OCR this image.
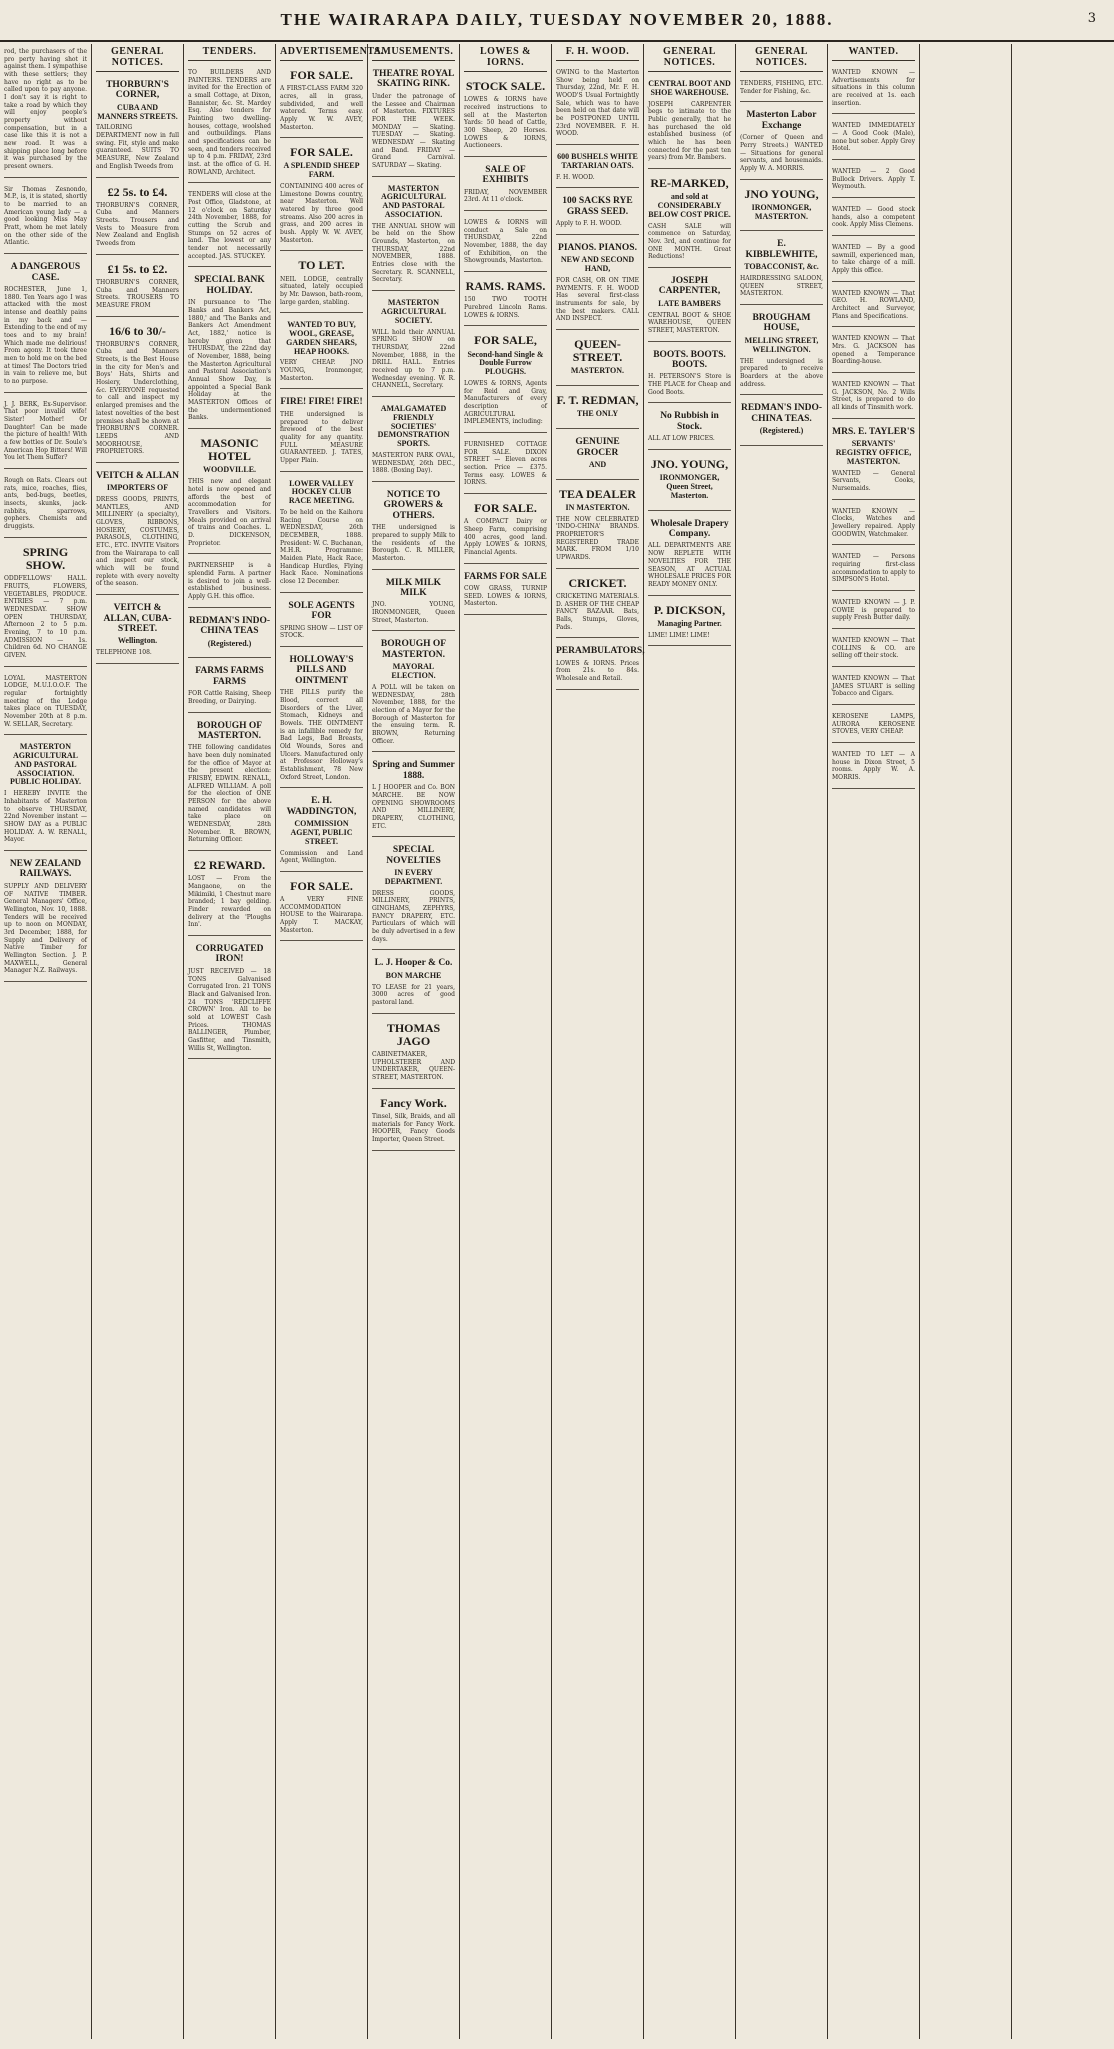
THE WAIRARAPA DAILY, TUESDAY NOVEMBER 20, 1888.	3
rod, the purchasers of the pro perty having shot it against them. I sympathise with these settlers; they have no right as to be called upon to pay anyone. I don't say it is right to take a road by which they will enjoy people's property without compensation, but in a case like this it is not a new road. It was a shipping place long before it was purchased by the present owners.
Sir Thomas Zesnondo, M.P., is, it is stated, shortly to be married to an American young lady — a good looking Miss May Pratt, whom he met lately on the other side of the Atlantic.
A DANGEROUS CASE.
ROCHESTER, June 1, 1880. Ten Years ago I was attacked with the most intense and deathly pains in my back and — Extending to the end of my toes and to my brain! Which made me delirious! From agony. It took three men to hold me on the bed at times! The Doctors tried in vain to relieve me, but to no purpose.
J. J. BERK, Ex-Supervisor. That poor invalid wife! Sister! Mother! Or Daughter! Can be made the picture of health! With a few bottles of Dr. Soule's American Hop Bitters! Will You let Them Suffer?
Rough on Rats. Clears out rats, mice, roaches, flies, ants, bed-bugs, beetles, insects, skunks, jack-rabbits, sparrows, gophers. Chemists and druggists.
SPRING SHOW.
ODDFELLOWS' HALL. FRUITS, FLOWERS, VEGETABLES, PRODUCE. ENTRIES — 7 p.m. WEDNESDAY. SHOW OPEN THURSDAY, Afternoon 2 to 5 p.m. Evening, 7 to 10 p.m. ADMISSION — 1s. Children 6d. NO CHANGE GIVEN.
LOYAL MASTERTON LODGE, M.U.I.O.O.F. The regular fortnightly meeting of the Lodge takes place on TUESDAY, November 20th at 8 p.m. W. SELLAR, Secretary.
MASTERTON AGRICULTURAL AND PASTORAL ASSOCIATION. PUBLIC HOLIDAY.
I HEREBY INVITE the Inhabitants of Masterton to observe THURSDAY, 22nd November instant — SHOW DAY as a PUBLIC HOLIDAY. A. W. RENALL, Mayor.
NEW ZEALAND RAILWAYS.
SUPPLY AND DELIVERY OF NATIVE TIMBER. General Managers' Office, Wellington, Nov. 10, 1888. Tenders will be received up to noon on MONDAY, 3rd December, 1888, for Supply and Delivery of Native Timber for Wellington Section. J. P. MAXWELL, General Manager N.Z. Railways.
GENERAL NOTICES.
THORBURN'S CORNER,
CUBA AND MANNERS STREETS.
TAILORING DEPARTMENT now in full swing. Fit, style and make guaranteed. SUITS TO MEASURE, New Zealand and English Tweeds from
£2 5s. to £4.
THORBURN'S CORNER, Cuba and Manners Streets. Trousers and Vests to Measure from New Zealand and English Tweeds from
£1 5s. to £2.
THORBURN'S CORNER, Cuba and Manners Streets. TROUSERS TO MEASURE FROM
16/6 to 30/-
THORBURN'S CORNER, Cuba and Manners Streets, is the Best House in the city for Men's and Boys' Hats, Shirts and Hosiery, Underclothing, &c. EVERYONE requested to call and inspect my enlarged premises and the latest novelties of the best premises shall be shown at THORBURN'S CORNER. LEEDS AND MOORHOUSE, PROPRIETORS.
VEITCH & ALLAN
IMPORTERS OF
DRESS GOODS, PRINTS, MANTLES, AND MILLINERY (a specialty), GLOVES, RIBBONS, HOSIERY, COSTUMES, PARASOLS, CLOTHING, ETC., ETC. INVITE Visitors from the Wairarapa to call and inspect our stock, which will be found replete with every novelty of the season.
VEITCH & ALLAN, CUBA-STREET.
Wellington.
TELEPHONE 108.
TENDERS.
TO BUILDERS AND PAINTERS. TENDERS are invited for the Erection of a small Cottage, at Dixon, Bannister, &c. St. Mardey Esq. Also tenders for Painting two dwelling-houses, cottage, woolshed and outbuildings. Plans and specifications can be seen, and tenders received up to 4 p.m. FRIDAY, 23rd inst. at the office of G. H. ROWLAND, Architect.
TENDERS will close at the Post Office, Gladstone, at 12 o'clock on Saturday 24th November, 1888, for cutting the Scrub and Stumps on 52 acres of land. The lowest or any tender not necessarily accepted. JAS. STUCKEY.
SPECIAL BANK HOLIDAY.
IN pursuance to 'The Banks and Bankers Act, 1880,' and 'The Banks and Bankers Act Amendment Act, 1882,' notice is hereby given that THURSDAY, the 22nd day of November, 1888, being the Masterton Agricultural and Pastoral Association's Annual Show Day, is appointed a Special Bank Holiday at the MASTERTON Offices of the undermentioned Banks.
MASONIC HOTEL
WOODVILLE.
THIS new and elegant hotel is now opened and affords the best of accommodation for Travellers and Visitors. Meals provided on arrival of trains and Coaches. L. D. DICKENSON, Proprietor.
PARTNERSHIP is a splendid Farm. A partner is desired to join a well-established business. Apply G.H. this office.
REDMAN'S INDO-CHINA TEAS
(Registered.)
FARMS FARMS FARMS
FOR Cattle Raising, Sheep Breeding, or Dairying.
BOROUGH OF MASTERTON.
THE following candidates have been duly nominated for the office of Mayor at the present election: FRISBY, EDWIN. RENALL, ALFRED WILLIAM. A poll for the election of ONE PERSON for the above named candidates will take place on WEDNESDAY, 28th November. R. BROWN, Returning Officer.
£2 REWARD.
LOST — From the Mangaone, on the Mikimiki, 1 Chestnut mare branded; 1 bay gelding. Finder rewarded on delivery at the 'Ploughs Inn'.
CORRUGATED IRON!
JUST RECEIVED — 18 TONS Galvanised Corrugated Iron. 21 TONS Black and Galvanised Iron. 24 TONS 'REDCLIFFE CROWN' Iron. All to be sold at LOWEST Cash Prices. THOMAS BALLINGER, Plumber, Gasfitter, and Tinsmith, Willis St, Wellington.
ADVERTISEMENTS.
FOR SALE.
A FIRST-CLASS FARM 320 acres, all in grass, subdivided, and well watered. Terms easy. Apply W. W. AVEY, Masterton.
FOR SALE.
A SPLENDID SHEEP FARM.
CONTAINING 400 acres of Limestone Downs country, near Masterton. Well watered by three good streams. Also 200 acres in grass, and 200 acres in bush. Apply W. W. AVEY, Masterton.
TO LET.
NEIL LODGE, centrally situated, lately occupied by Mr. Dawson, bath-room, large garden, stabling.
WANTED TO BUY, WOOL, GREASE, GARDEN SHEARS, HEAP HOOKS.
VERY CHEAP. JNO YOUNG, Ironmonger, Masterton.
FIRE! FIRE! FIRE!
THE undersigned is prepared to deliver firewood of the best quality for any quantity. FULL MEASURE GUARANTEED. J. TATES, Upper Plain.
LOWER VALLEY HOCKEY CLUB RACE MEETING.
To be held on the Kaihoru Racing Course on WEDNESDAY, 26th DECEMBER, 1888. President: W. C. Buchanan, M.H.R. Programme: Maiden Plate, Hack Race, Handicap Hurdles, Flying Hack Race. Nominations close 12 December.
SOLE AGENTS FOR
SPRING SHOW — LIST OF STOCK.
HOLLOWAY'S PILLS AND OINTMENT
THE PILLS purify the Blood, correct all Disorders of the Liver, Stomach, Kidneys and Bowels. THE OINTMENT is an infallible remedy for Bad Legs, Bad Breasts, Old Wounds, Sores and Ulcers. Manufactured only at Professor Holloway's Establishment, 78 New Oxford Street, London.
E. H. WADDINGTON,
COMMISSION AGENT, PUBLIC STREET.
Commission and Land Agent, Wellington.
FOR SALE.
A VERY FINE ACCOMMODATION HOUSE to the Wairarapa. Apply T. MACKAY, Masterton.
AMUSEMENTS.
THEATRE ROYAL SKATING RINK.
Under the patronage of the Lessee and Chairman of Masterton. FIXTURES FOR THE WEEK. MONDAY — Skating. TUESDAY — Skating. WEDNESDAY — Skating and Band. FRIDAY — Grand Carnival. SATURDAY — Skating.
MASTERTON AGRICULTURAL AND PASTORAL ASSOCIATION.
THE ANNUAL SHOW will be held on the Show Grounds, Masterton, on THURSDAY, 22nd NOVEMBER, 1888. Entries close with the Secretary. R. SCANNELL, Secretary.
MASTERTON AGRICULTURAL SOCIETY.
WILL hold their ANNUAL SPRING SHOW on THURSDAY, 22nd November, 1888, in the DRILL HALL. Entries received up to 7 p.m. Wednesday evening. W. R. CHANNELL, Secretary.
AMALGAMATED FRIENDLY SOCIETIES' DEMONSTRATION SPORTS.
MASTERTON PARK OVAL, WEDNESDAY, 26th DEC., 1888. (Boxing Day).
NOTICE TO GROWERS & OTHERS.
THE undersigned is prepared to supply Milk to the residents of the Borough. C. R. MILLER, Masterton.
MILK MILK MILK
JNO. YOUNG, IRONMONGER, Queen Street, Masterton.
BOROUGH OF MASTERTON.
MAYORAL ELECTION.
A POLL will be taken on WEDNESDAY, 28th November, 1888, for the election of a Mayor for the Borough of Masterton for the ensuing term. R. BROWN, Returning Officer.
Spring and Summer 1888.
L J HOOPER and Co. BON MARCHE. BE NOW OPENING SHOWROOMS AND MILLINERY, DRAPERY, CLOTHING, ETC.
SPECIAL NOVELTIES
IN EVERY DEPARTMENT.
DRESS GOODS, MILLINERY, PRINTS, GINGHAMS, ZEPHYRS, FANCY DRAPERY, ETC. Particulars of which will be duly advertised in a few days.
L. J. Hooper & Co.
BON MARCHE
TO LEASE for 21 years, 3000 acres of good pastoral land.
THOMAS JAGO
CABINETMAKER, UPHOLSTERER AND UNDERTAKER, QUEEN-STREET, MASTERTON.
Fancy Work.
Tinsel, Silk, Braids, and all materials for Fancy Work. HOOPER, Fancy Goods Importer, Queen Street.
LOWES & IORNS.
STOCK SALE.
LOWES & IORNS have received instructions to sell at the Masterton Yards: 50 head of Cattle, 300 Sheep, 20 Horses. LOWES & IORNS, Auctioneers.
SALE OF EXHIBITS
FRIDAY, NOVEMBER 23rd. At 11 o'clock.
LOWES & IORNS will conduct a Sale on THURSDAY, 22nd November, 1888, the day of Exhibition, on the Showgrounds, Masterton.
RAMS. RAMS.
150 TWO TOOTH Purebred Lincoln Rams. LOWES & IORNS.
FOR SALE,
Second-hand Single & Double Furrow PLOUGHS.
LOWES & IORNS, Agents for Reid and Gray, Manufacturers of every description of AGRICULTURAL IMPLEMENTS, including:
FURNISHED COTTAGE FOR SALE. DIXON STREET — Eleven acres section. Price — £375. Terms easy. LOWES & IORNS.
FOR SALE.
A COMPACT Dairy or Sheep Farm, comprising 400 acres, good land. Apply LOWES & IORNS, Financial Agents.
FARMS FOR SALE
COW GRASS, TURNIP SEED. LOWES & IORNS, Masterton.
F. H. WOOD.
OWING to the Masterton Show being held on Thursday, 22nd, Mr. F. H. WOOD'S Usual Fortnightly Sale, which was to have been held on that date will be POSTPONED UNTIL 23rd NOVEMBER. F. H. WOOD.
600 BUSHELS WHITE TARTARIAN OATS.
F. H. WOOD.
100 SACKS RYE GRASS SEED.
Apply to F. H. WOOD.
PIANOS. PIANOS.
NEW AND SECOND HAND,
FOR CASH, OR ON TIME PAYMENTS. F. H. WOOD Has several first-class instruments for sale, by the best makers. CALL AND INSPECT.
QUEEN-STREET.
MASTERTON.
F. T. REDMAN,
THE ONLY
GENUINE GROCER
AND
TEA DEALER
IN MASTERTON.
THE NOW CELEBRATED 'INDO-CHINA' BRANDS. PROPRIETOR'S REGISTERED TRADE MARK. FROM 1/10 UPWARDS.
CRICKET.
CRICKETING MATERIALS. D. ASHER OF THE CHEAP FANCY BAZAAR. Bats, Balls, Stumps, Gloves, Pads.
PERAMBULATORS,
LOWES & IORNS. Prices from 21s. to 84s. Wholesale and Retail.
GENERAL NOTICES.
CENTRAL BOOT AND SHOE WAREHOUSE.
JOSEPH CARPENTER begs to intimate to the Public generally, that he has purchased the old established business (of which he has been connected for the past ten years) from Mr. Bambers.
RE-MARKED,
and sold at CONSIDERABLY BELOW COST PRICE.
CASH SALE will commence on Saturday, Nov. 3rd, and continue for ONE MONTH. Great Reductions!
JOSEPH CARPENTER,
LATE BAMBERS
CENTRAL BOOT & SHOE WAREHOUSE, QUEEN STREET, MASTERTON.
BOOTS. BOOTS. BOOTS.
H. PETERSON'S Store is THE PLACE for Cheap and Good Boots.
No Rubbish in Stock.
ALL AT LOW PRICES.
JNO. YOUNG,
IRONMONGER, Queen Street, Masterton.
Wholesale Drapery Company.
ALL DEPARTMENTS ARE NOW REPLETE WITH NOVELTIES FOR THE SEASON, AT ACTUAL WHOLESALE PRICES FOR READY MONEY ONLY.
P. DICKSON,
Managing Partner.
LIME! LIME! LIME!
GENERAL NOTICES.
TENDERS, FISHING, ETC. Tender for Fishing, &c.
Masterton Labor Exchange
(Corner of Queen and Perry Streets.) WANTED — Situations for general servants, and housemaids. Apply W. A. MORRIS.
JNO YOUNG,
IRONMONGER, MASTERTON.
E. KIBBLEWHITE,
TOBACCONIST, &c.
HAIRDRESSING SALOON, QUEEN STREET, MASTERTON.
BROUGHAM HOUSE,
MELLING STREET, WELLINGTON.
THE undersigned is prepared to receive Boarders at the above address.
REDMAN'S INDO-CHINA TEAS.
(Registered.)
WANTED.
WANTED KNOWN — Advertisements for situations in this column are received at 1s. each insertion.
WANTED IMMEDIATELY — A Good Cook (Male), none but sober. Apply Grey Hotel.
WANTED — 2 Good Bullock Drivers. Apply T. Weymouth.
WANTED — Good stock hands, also a competent cook. Apply Miss Clemens.
WANTED — By a good sawmill, experienced man, to take charge of a mill. Apply this office.
WANTED KNOWN — That GEO. H. ROWLAND, Architect and Surveyor, Plans and Specifications.
WANTED KNOWN — That Mrs. G. JACKSON has opened a Temperance Boarding-house.
WANTED KNOWN — That G. JACKSON, No. 2 Wills Street, is prepared to do all kinds of Tinsmith work.
MRS. E. TAYLER'S
SERVANTS' REGISTRY OFFICE, MASTERTON.
WANTED — General Servants, Cooks, Nursemaids.
WANTED KNOWN — Clocks, Watches and Jewellery repaired. Apply GOODWIN, Watchmaker.
WANTED — Persons requiring first-class accommodation to apply to SIMPSON'S Hotel.
WANTED KNOWN — J. P. COWIE is prepared to supply Fresh Butter daily.
WANTED KNOWN — That COLLINS & CO. are selling off their stock.
WANTED KNOWN — That JAMES STUART is selling Tobacco and Cigars.
KEROSENE LAMPS, AURORA KEROSENE STOVES, VERY CHEAP.
WANTED TO LET — A house in Dixon Street, 5 rooms. Apply W. A. MORRIS.
